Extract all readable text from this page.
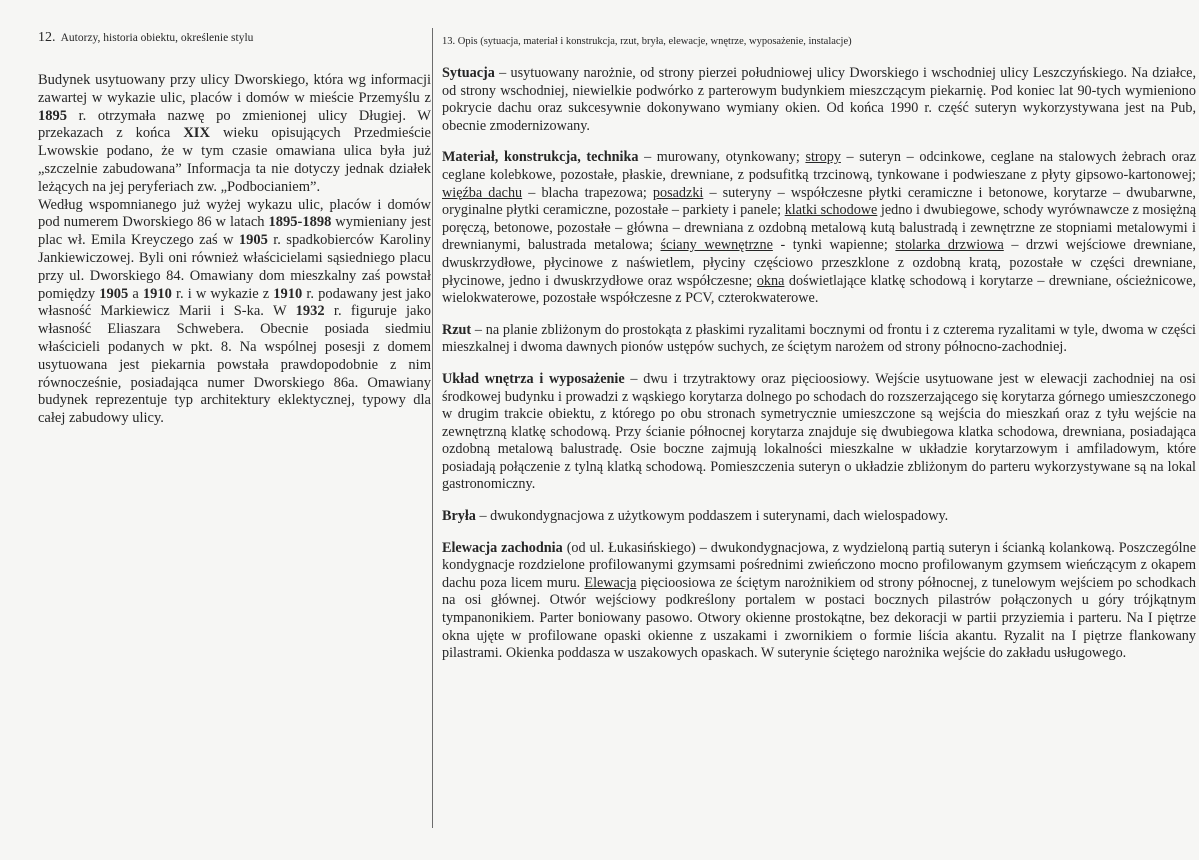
12. Autorzy, historia obiektu, określenie stylu

Budynek usytuowany przy ulicy Dworskiego, która wg informacji zawartej w wykazie ulic, placów i domów w mieście Przemyślu z 1895 r. otrzymała nazwę po zmienionej ulicy Długiej. W przekazach z końca XIX wieku opisujących Przedmieście Lwowskie podano, że w tym czasie omawiana ulica była już „szczelnie zabudowana” Informacja ta nie dotyczy jednak działek leżących na jej peryferiach zw. „Podbocianiem”.

Według wspomnianego już wyżej wykazu ulic, placów i domów pod numerem Dworskiego 86 w latach 1895-1898 wymieniany jest plac wł. Emila Kreyczego zaś w 1905 r. spadkobierców Karoliny Jankiewiczowej. Byli oni również właścicielami sąsiedniego placu przy ul. Dworskiego 84. Omawiany dom mieszkalny zaś powstał pomiędzy 1905 a 1910 r. i w wykazie z 1910 r. podawany jest jako własność Markiewicz Marii i S-ka. W 1932 r. figuruje jako własność Eliaszara Schwebera. Obecnie posiada siedmiu właścicieli podanych w pkt. 8. Na wspólnej posesji z domem usytuowana jest piekarnia powstała prawdopodobnie z nim równocześnie, posiadająca numer Dworskiego 86a. Omawiany budynek reprezentuje typ architektury eklektycznej, typowy dla całej zabudowy ulicy.

13. Opis (sytuacja, materiał i konstrukcja, rzut, bryła, elewacje, wnętrze, wyposażenie, instalacje)

Sytuacja – usytuowany narożnie, od strony pierzei południowej ulicy Dworskiego i wschodniej ulicy Leszczyńskiego. Na działce, od strony wschodniej, niewielkie podwórko z parterowym budynkiem mieszczącym piekarnię. Pod koniec lat 90-tych wymieniono pokrycie dachu oraz sukcesywnie dokonywano wymiany okien. Od końca 1990 r. część suteryn wykorzystywana jest na Pub, obecnie zmodernizowany.

Materiał, konstrukcja, technika – murowany, otynkowany; stropy – suteryn – odcinkowe, ceglane na stalowych żebrach oraz ceglane kolebkowe, pozostałe, płaskie, drewniane, z podsufitką trzcinową, tynkowane i podwieszane z płyty gipsowo-kartonowej; więźba dachu – blacha trapezowa; posadzki – suteryny – współczesne płytki ceramiczne i betonowe, korytarze – dwubarwne, oryginalne płytki ceramiczne, pozostałe – parkiety i panele; klatki schodowe jedno i dwubiegowe, schody wyrównawcze z mosiężną poręczą, betonowe, pozostałe – główna – drewniana z ozdobną metalową kutą balustradą i zewnętrzne ze stopniami metalowymi i drewnianymi, balustrada metalowa; ściany wewnętrzne - tynki wapienne; stolarka drzwiowa – drzwi wejściowe drewniane, dwuskrzydłowe, płycinowe z naświetlem, płyciny częściowo przeszklone z ozdobną kratą, pozostałe w części drewniane, płycinowe, jedno i dwuskrzydłowe oraz współczesne; okna doświetlające klatkę schodową i korytarze – drewniane, ościeżnicowe, wielokwaterowe, pozostałe współczesne z PCV, czterokwaterowe.

Rzut – na planie zbliżonym do prostokąta z płaskimi ryzalitami bocznymi od frontu i z czterema ryzalitami w tyle, dwoma w części mieszkalnej i dwoma dawnych pionów ustępów suchych, ze ściętym narożem od strony północno-zachodniej.

Układ wnętrza i wyposażenie – dwu i trzytraktowy oraz pięcioosiowy. Wejście usytuowane jest w elewacji zachodniej na osi środkowej budynku i prowadzi z wąskiego korytarza dolnego po schodach do rozszerzającego się korytarza górnego umieszczonego w drugim trakcie obiektu, z którego po obu stronach symetrycznie umieszczone są wejścia do mieszkań oraz z tyłu wejście na zewnętrzną klatkę schodową. Przy ścianie północnej korytarza znajduje się dwubiegowa klatka schodowa, drewniana, posiadająca ozdobną metalową balustradę. Osie boczne zajmują lokalności mieszkalne w układzie korytarzowym i amfiladowym, które posiadają połączenie z tylną klatką schodową. Pomieszczenia suteryn o układzie zbliżonym do parteru wykorzystywane są na lokal gastronomiczny.

Bryła – dwukondygnacjowa z użytkowym poddaszem i suterynami, dach wielospadowy.

Elewacja zachodnia (od ul. Łukasińskiego) – dwukondygnacjowa, z wydzieloną partią suteryn i ścianką kolankową. Poszczególne kondygnacje rozdzielone profilowanymi gzymsami pośrednimi zwieńczono mocno profilowanym gzymsem wieńczącym z okapem dachu poza licem muru. Elewacja pięcioosiowa ze ściętym narożnikiem od strony północnej, z tunelowym wejściem po schodkach na osi głównej. Otwór wejściowy podkreślony portalem w postaci bocznych pilastrów połączonych u góry trójkątnym tympanonikiem. Parter boniowany pasowo. Otwory okienne prostokątne, bez dekoracji w partii przyziemia i parteru. Na I piętrze okna ujęte w profilowane opaski okienne z uszakami i zwornikiem o formie liścia akantu. Ryzalit na I piętrze flankowany pilastrami. Okienka poddasza w uszakowych opaskach. W suterynie ściętego narożnika wejście do zakładu usługowego.
